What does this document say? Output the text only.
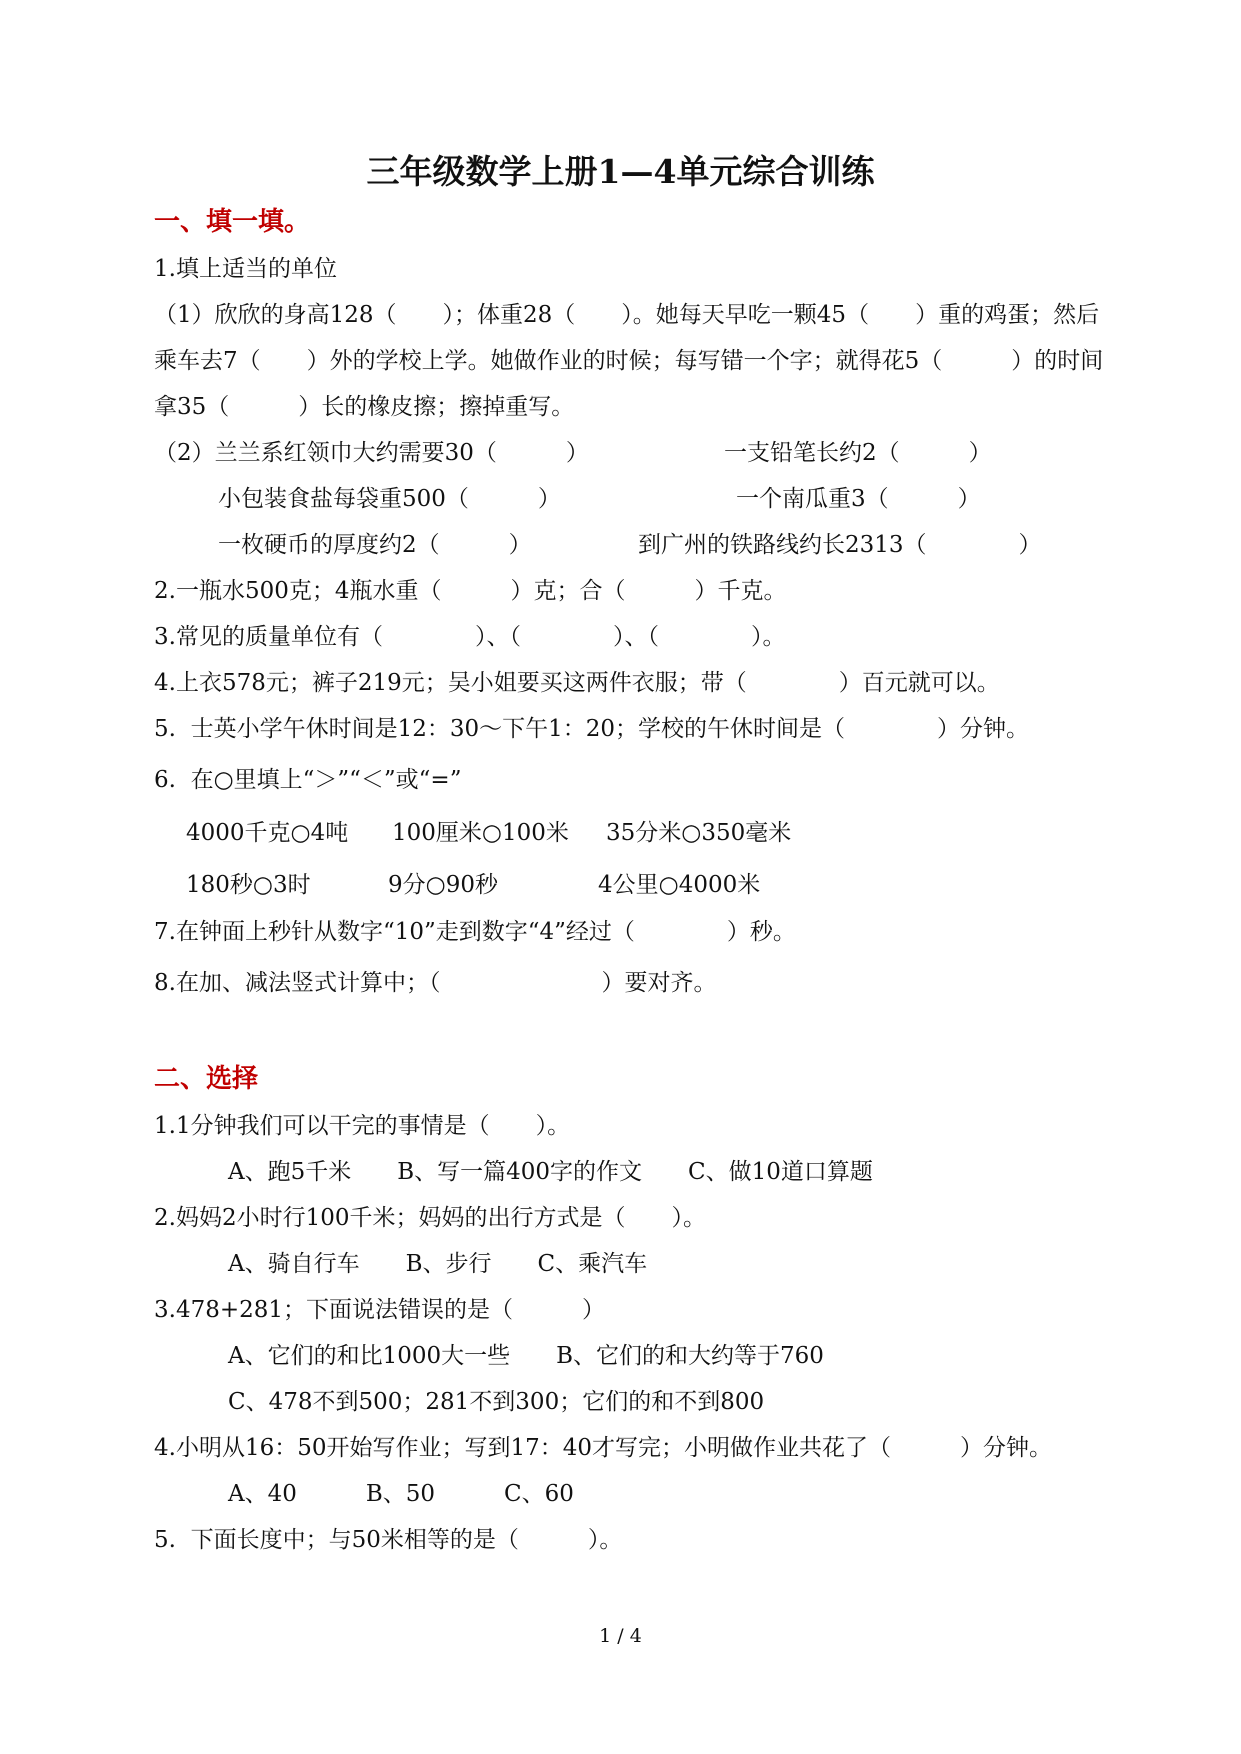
三年级数学上册1—4单元综合训练
一、填一填。
1.填上适当的单位
（1）欣欣的身高128（　　）；体重28（　　）。她每天早吃一颗45（　　）重的鸡蛋；然后
乘车去7（　　）外的学校上学。她做作业的时候；每写错一个字；就得花5（　　　）的时间
拿35（　　　）长的橡皮擦；擦掉重写。
（2）兰兰系红领巾大约需要30（　　　）	一支铅笔长约2（　　　）
小包装食盐每袋重500（　　　）	一个南瓜重3（　　　）
一枚硬币的厚度约2（　　　）	到广州的铁路线约长2313（　　　　）
2.一瓶水500克；4瓶水重（　　　）克；合（　　　）千克。
3.常见的质量单位有（　　　　）、（　　　　）、（　　　　）。
4.上衣578元；裤子219元；吴小姐要买这两件衣服；带（　　　　）百元就可以。
5.  士英小学午休时间是12：30～下午1：20；学校的午休时间是（　　　　）分钟。
6.  在○里填上“＞”“＜”或“=”
4000千克○4吨 100厘米○100米 35分米○350毫米
180秒○3时	9分○90秒	4公里○4000米
7.在钟面上秒针从数字“10”走到数字“4”经过（　　　　）秒。
8.在加、减法竖式计算中；（　　　　　　　）要对齐。
二、选择
1.1分钟我们可以干完的事情是（　　）。
A、跑5千米　　B、写一篇400字的作文　　C、做10道口算题
2.妈妈2小时行100千米；妈妈的出行方式是（　　）。
A、骑自行车　　B、步行　　C、乘汽车
3.478+281；下面说法错误的是（　　　）
A、它们的和比1000大一些　　B、它们的和大约等于760
C、478不到500；281不到300；它们的和不到800
4.小明从16：50开始写作业；写到17：40才写完；小明做作业共花了（　　　）分钟。
A、40　　　B、50　　　C、60
5.  下面长度中；与50米相等的是（　　　）。
1 / 4
